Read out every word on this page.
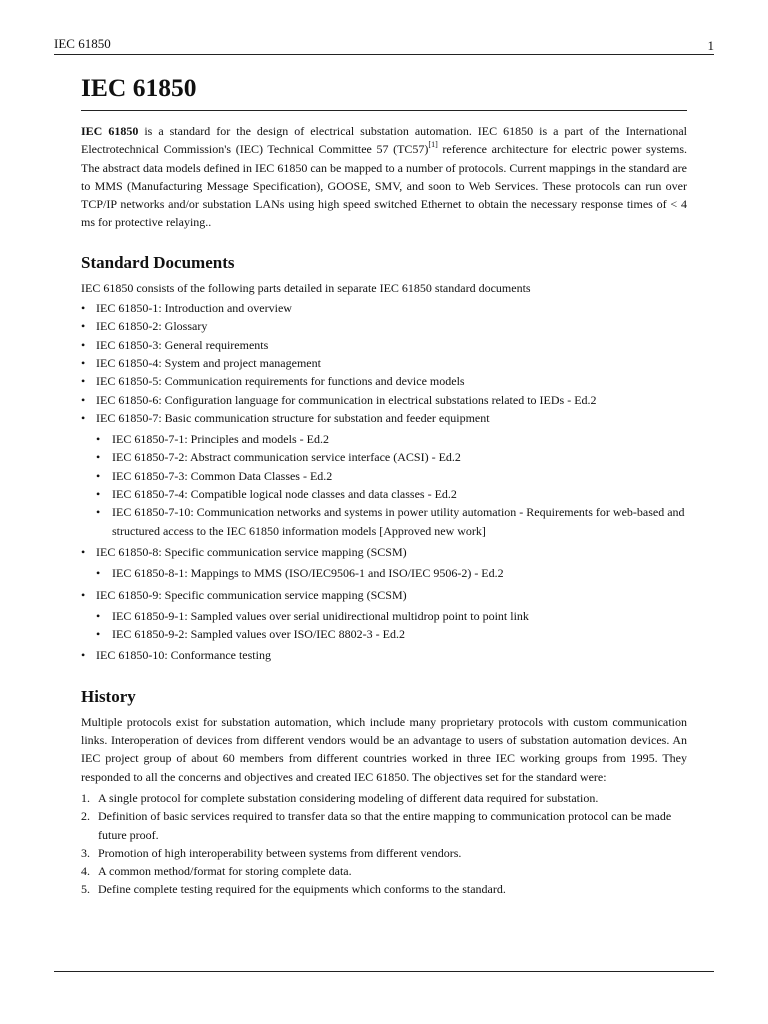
IEC 61850	1
IEC 61850

IEC 61850 is a standard for the design of electrical substation automation. IEC 61850 is a part of the International Electrotechnical Commission's (IEC) Technical Committee 57 (TC57)[1] reference architecture for electric power systems. The abstract data models defined in IEC 61850 can be mapped to a number of protocols. Current mappings in the standard are to MMS (Manufacturing Message Specification), GOOSE, SMV, and soon to Web Services. These protocols can run over TCP/IP networks and/or substation LANs using high speed switched Ethernet to obtain the necessary response times of < 4 ms for protective relaying..

Standard Documents

IEC 61850 consists of the following parts detailed in separate IEC 61850 standard documents

• IEC 61850-1: Introduction and overview
• IEC 61850-2: Glossary
• IEC 61850-3: General requirements
• IEC 61850-4: System and project management
• IEC 61850-5: Communication requirements for functions and device models
• IEC 61850-6: Configuration language for communication in electrical substations related to IEDs - Ed.2
• IEC 61850-7: Basic communication structure for substation and feeder equipment
• IEC 61850-7-1: Principles and models - Ed.2
• IEC 61850-7-2: Abstract communication service interface (ACSI) - Ed.2
• IEC 61850-7-3: Common Data Classes - Ed.2
• IEC 61850-7-4: Compatible logical node classes and data classes - Ed.2
• IEC 61850-7-10: Communication networks and systems in power utility automation - Requirements for web-based and structured access to the IEC 61850 information models [Approved new work]
• IEC 61850-8: Specific communication service mapping (SCSM)
• IEC 61850-8-1: Mappings to MMS (ISO/IEC9506-1 and ISO/IEC 9506-2) - Ed.2
• IEC 61850-9: Specific communication service mapping (SCSM)
• IEC 61850-9-1: Sampled values over serial unidirectional multidrop point to point link
• IEC 61850-9-2: Sampled values over ISO/IEC 8802-3 - Ed.2
• IEC 61850-10: Conformance testing
History

Multiple protocols exist for substation automation, which include many proprietary protocols with custom communication links. Interoperation of devices from different vendors would be an advantage to users of substation automation devices. An IEC project group of about 60 members from different countries worked in three IEC working groups from 1995. They responded to all the concerns and objectives and created IEC 61850. The objectives set for the standard were:

1. A single protocol for complete substation considering modeling of different data required for substation.
2. Definition of basic services required to transfer data so that the entire mapping to communication protocol can be made future proof.
3. Promotion of high interoperability between systems from different vendors.
4. A common method/format for storing complete data.
5. Define complete testing required for the equipments which conforms to the standard.
